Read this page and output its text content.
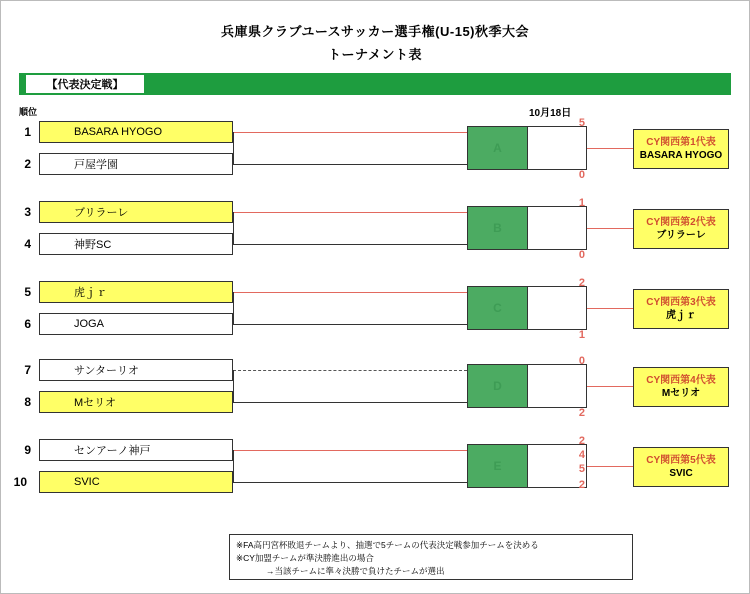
兵庫県クラブユースサッカー選手権(U-15)秋季大会
トーナメント表
【代表決定戦】
順位	10月18日
1	BASARA HYOGO
2	戸屋学園
3	ブリラーレ
4	神野SC
5	虎ｊｒ
6	JOGA
7	サンターリオ
8	Mセリオ
9	センアーノ神戸
10	SVIC
A
5
0
B
1
0
C
2
1
D
0
2
E
2
4
5
2
CY関西第1代表
BASARA HYOGO
CY関西第2代表
ブリラーレ
CY関西第3代表
虎ｊｒ
CY関西第4代表
Mセリオ
CY関西第5代表
SVIC
※FA高円宮杯敗退チームより、抽選で5チームの代表決定戦参加チームを決める
※CY加盟チームが準決勝進出の場合
→当該チームに準々決勝で負けたチームが選出
